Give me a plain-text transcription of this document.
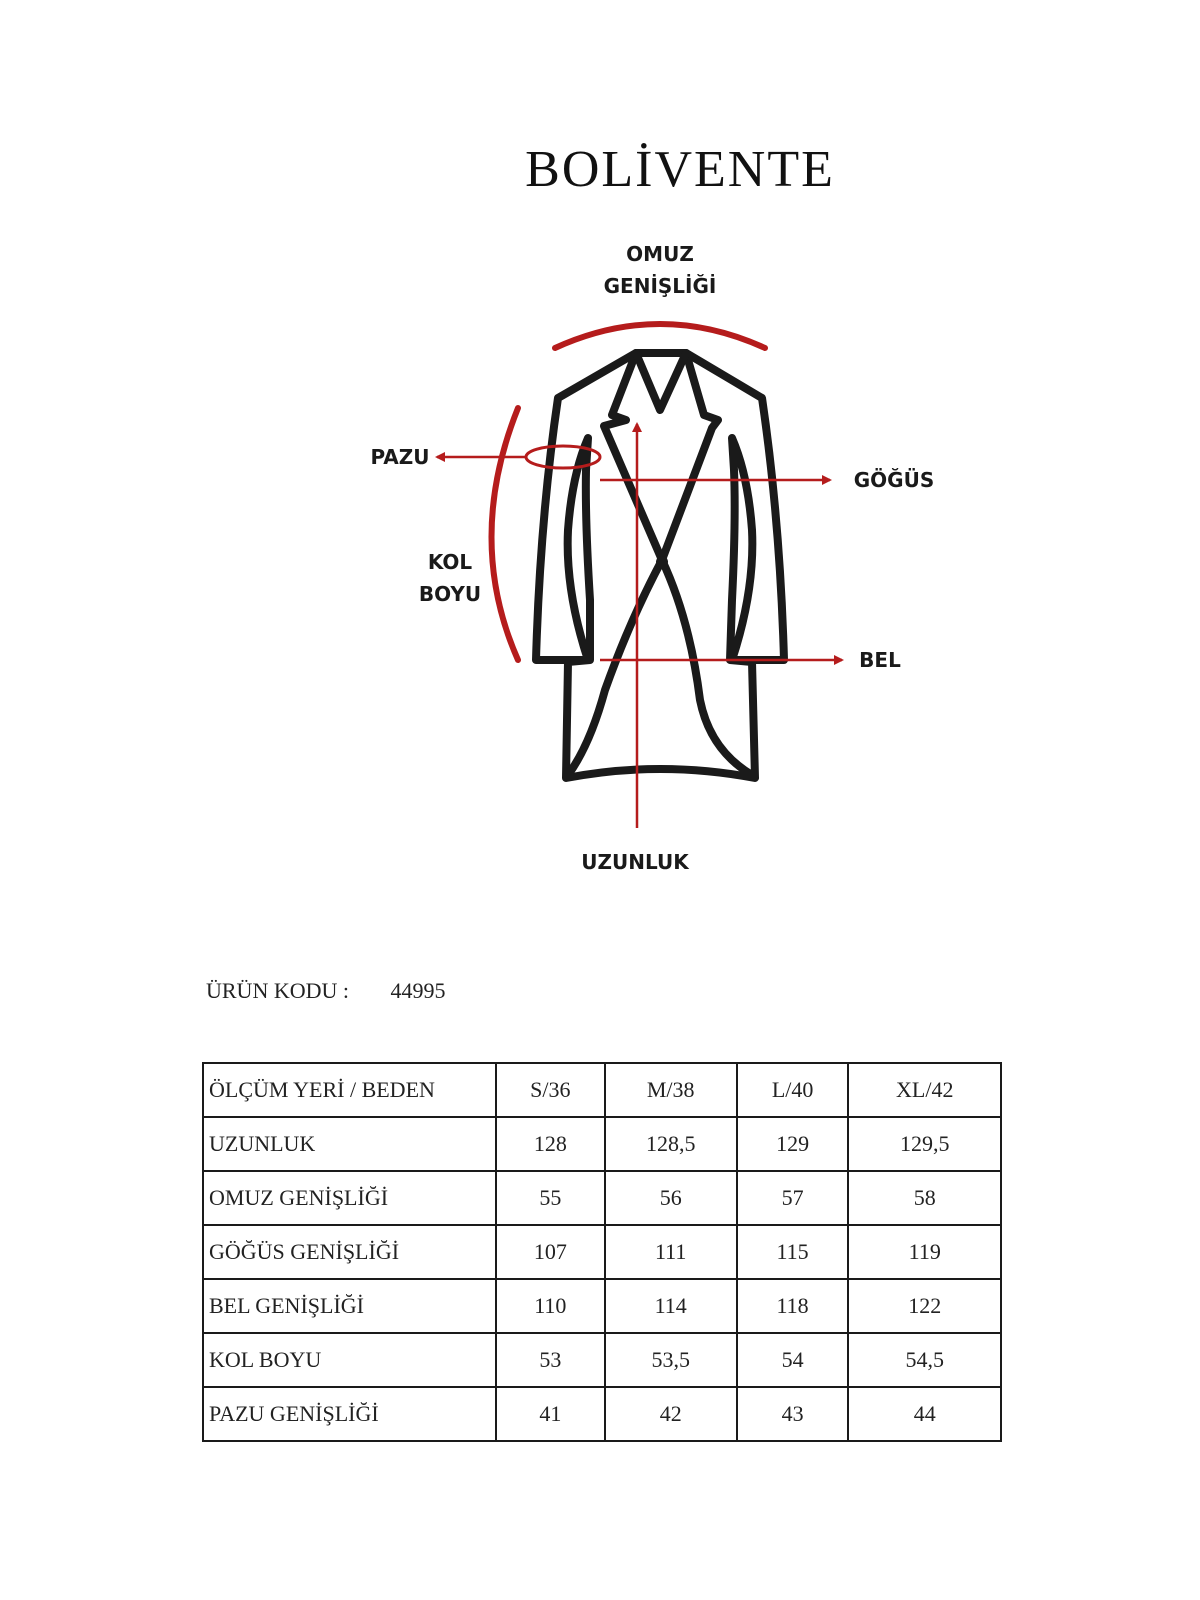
BOLİVENTE
OMUZ
GENİŞLİĞİ
PAZU
GÖĞÜS
KOL
BOYU
BEL
UZUNLUK
ÜRÜN KODU : 44995
ÖLÇÜM YERİ / BEDEN	S/36	M/38	L/40	XL/42
UZUNLUK	128	128,5	129	129,5
OMUZ GENİŞLİĞİ	55	56	57	58
GÖĞÜS GENİŞLİĞİ	107	111	115	119
BEL GENİŞLİĞİ	110	114	118	122
KOL BOYU	53	53,5	54	54,5
PAZU GENİŞLİĞİ	41	42	43	44
